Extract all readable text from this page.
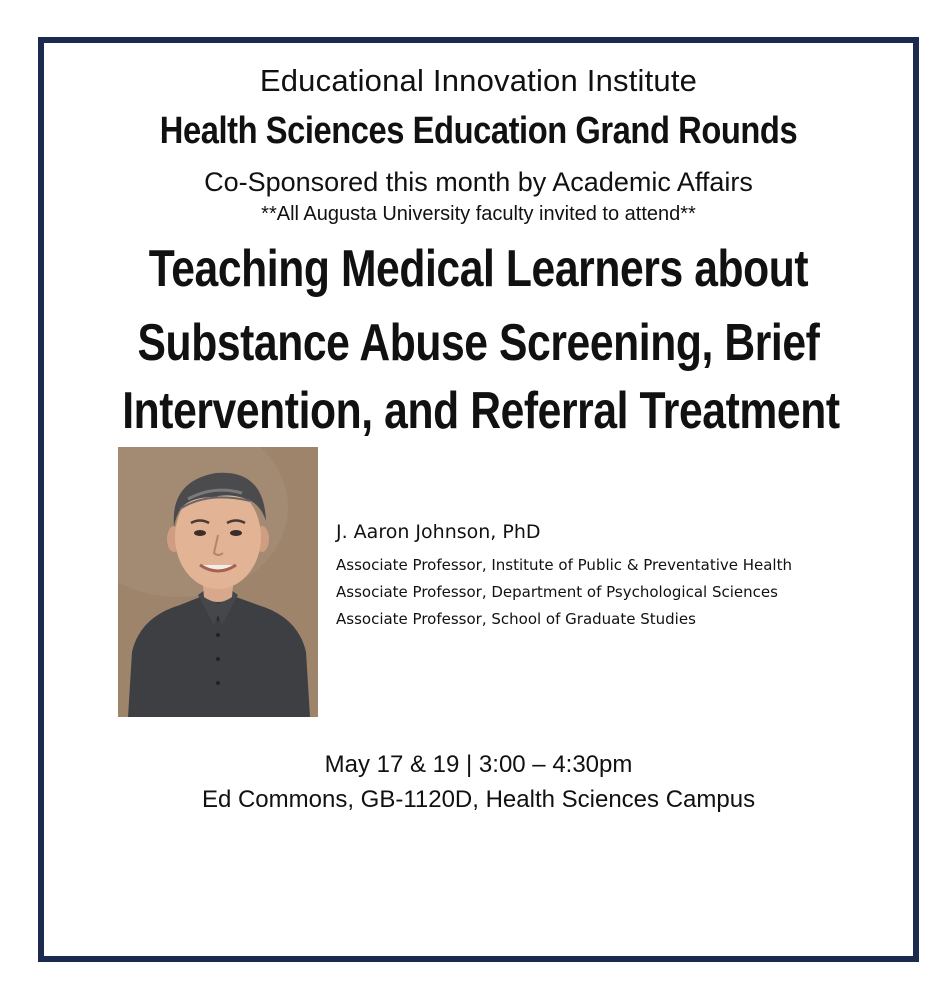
Educational Innovation Institute
Health Sciences Education Grand Rounds
Co-Sponsored this month by Academic Affairs
**All Augusta University faculty invited to attend**
Teaching Medical Learners about
Substance Abuse Screening, Brief
Intervention, and Referral Treatment
J. Aaron Johnson, PhD
Associate Professor, Institute of Public & Preventative Health
Associate Professor, Department of Psychological Sciences
Associate Professor, School of Graduate Studies
May 17 & 19 | 3:00 – 4:30pm
Ed Commons, GB-1120D, Health Sciences Campus
